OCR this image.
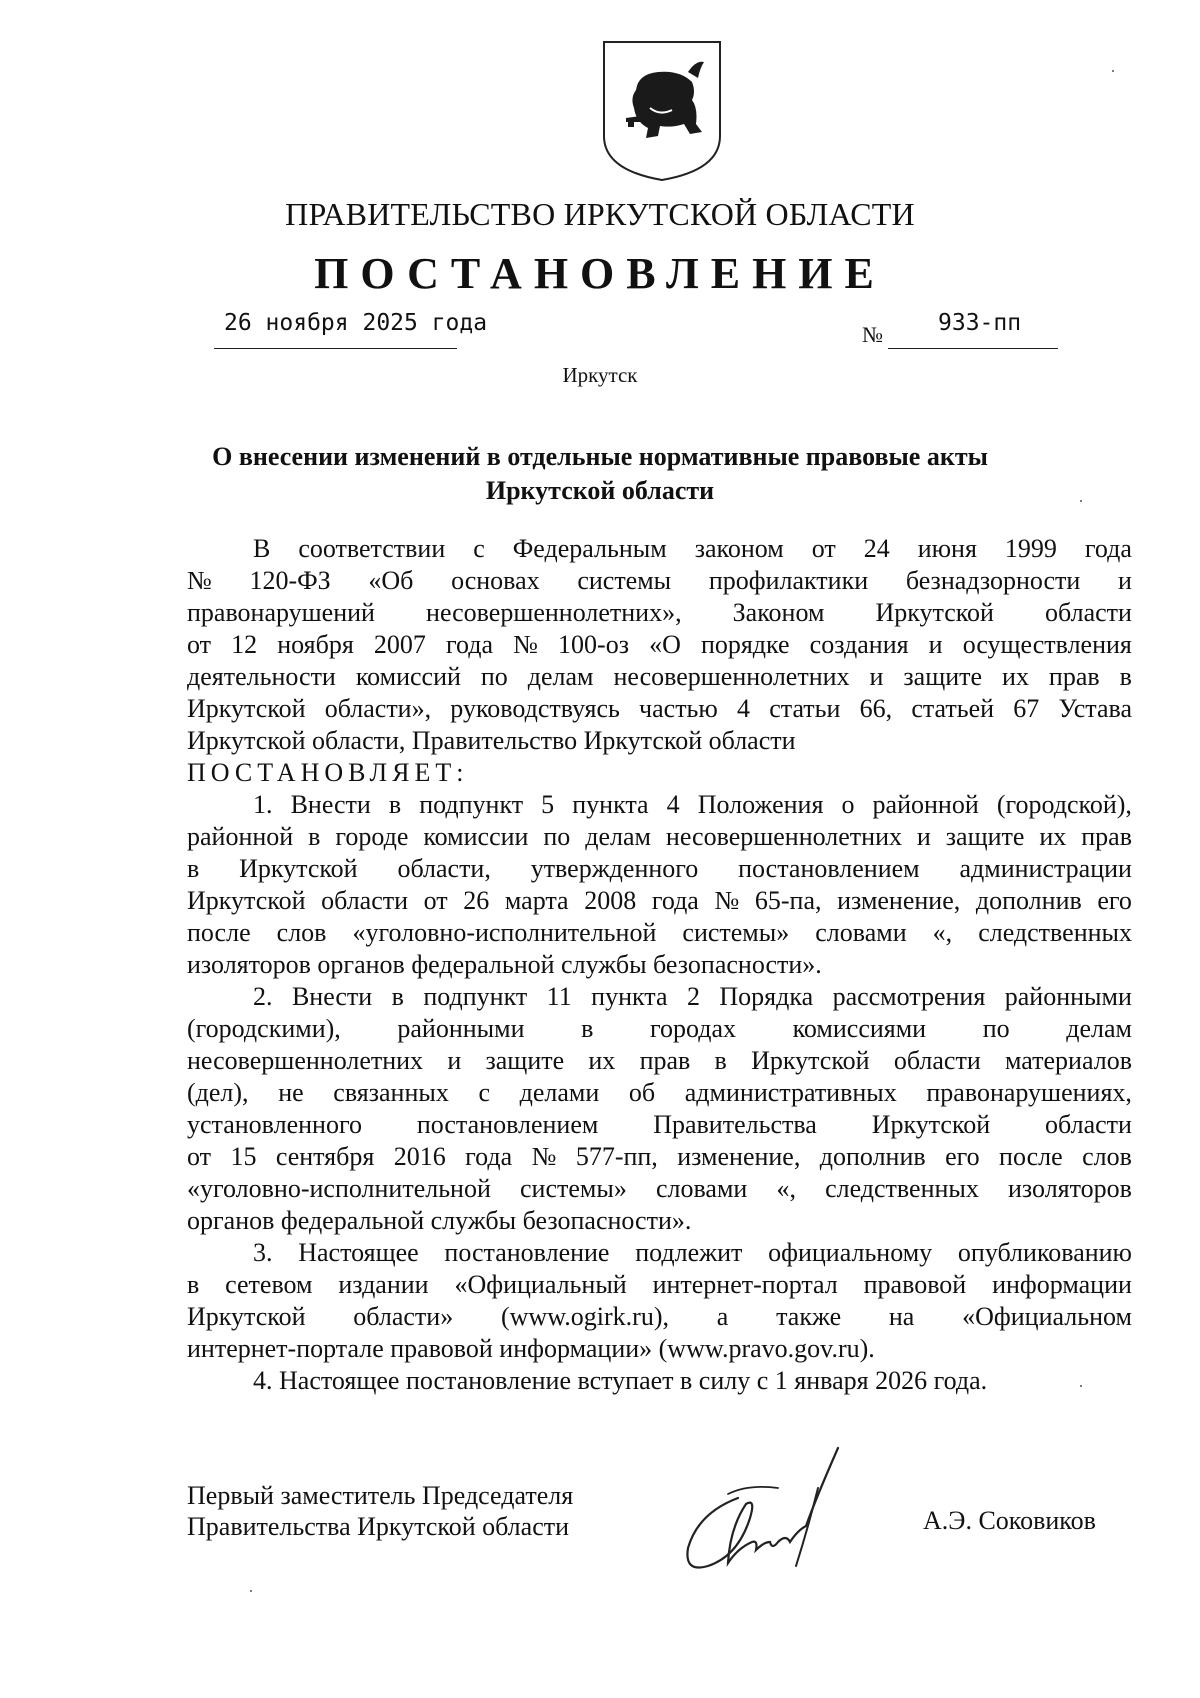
ПРАВИТЕЛЬСТВО ИРКУТСКОЙ ОБЛАСТИ
ПОСТАНОВЛЕНИЕ
26 ноября 2025 года	№ 933-пп
Иркутск
О внесении изменений в отдельные нормативные правовые акты
Иркутской области
В соответствии с Федеральным законом от 24 июня 1999 года
№ 120-ФЗ «Об основах системы профилактики безнадзорности и
правонарушений несовершеннолетних», Законом Иркутской области
от 12 ноября 2007 года № 100-оз «О порядке создания и осуществления
деятельности комиссий по делам несовершеннолетних и защите их прав в
Иркутской области», руководствуясь частью 4 статьи 66, статьей 67 Устава
Иркутской области, Правительство Иркутской области
ПОСТАНОВЛЯЕТ:
1. Внести в подпункт 5 пункта 4 Положения о районной (городской),
районной в городе комиссии по делам несовершеннолетних и защите их прав
в Иркутской области, утвержденного постановлением администрации
Иркутской области от 26 марта 2008 года № 65-па, изменение, дополнив его
после слов «уголовно-исполнительной системы» словами «, следственных
изоляторов органов федеральной службы безопасности».
2. Внести в подпункт 11 пункта 2 Порядка рассмотрения районными
(городскими), районными в городах комиссиями по делам
несовершеннолетних и защите их прав в Иркутской области материалов
(дел), не связанных с делами об административных правонарушениях,
установленного постановлением Правительства Иркутской области
от 15 сентября 2016 года № 577-пп, изменение, дополнив его после слов
«уголовно-исполнительной системы» словами «, следственных изоляторов
органов федеральной службы безопасности».
3. Настоящее постановление подлежит официальному опубликованию
в сетевом издании «Официальный интернет-портал правовой информации
Иркутской области» (www.ogirk.ru), а также на «Официальном
интернет-портале правовой информации» (www.pravo.gov.ru).
4. Настоящее постановление вступает в силу с 1 января 2026 года.
Первый заместитель Председателя
Правительства Иркутской области	А.Э. Соковиков
